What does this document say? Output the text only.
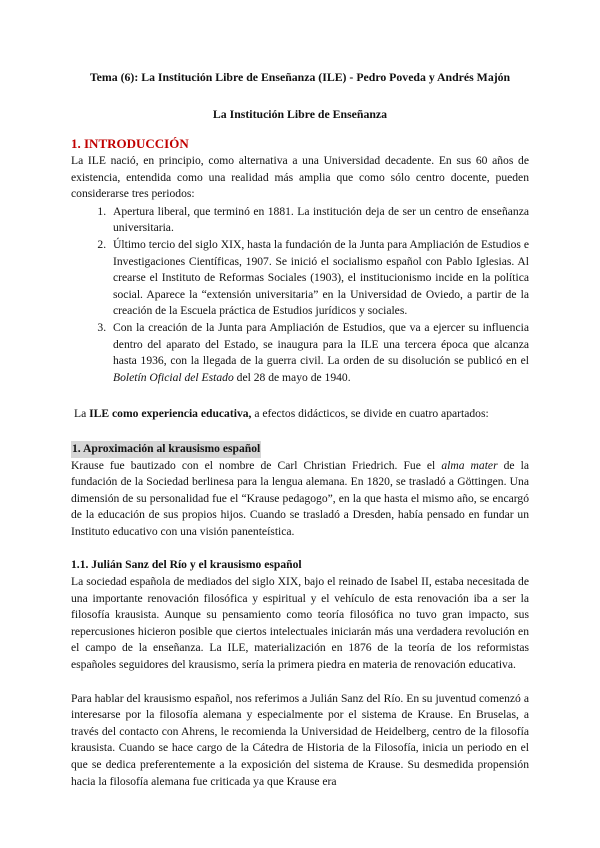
Tema (6): La Institución Libre de Enseñanza (ILE) - Pedro Poveda y Andrés Majón
La Institución Libre de Enseñanza
1. INTRODUCCIÓN

La ILE nació, en principio, como alternativa a una Universidad decadente. En sus 60 años de existencia, entendida como una realidad más amplia que como sólo centro docente, pueden considerarse tres periodos:

1. Apertura liberal, que terminó en 1881. La institución deja de ser un centro de enseñanza universitaria.
2. Último tercio del siglo XIX, hasta la fundación de la Junta para Ampliación de Estudios e Investigaciones Científicas, 1907. Se inició el socialismo español con Pablo Iglesias. Al crearse el Instituto de Reformas Sociales (1903), el institucionismo incide en la política social. Aparece la “extensión universitaria” en la Universidad de Oviedo, a partir de la creación de la Escuela práctica de Estudios jurídicos y sociales.
3. Con la creación de la Junta para Ampliación de Estudios, que va a ejercer su influencia dentro del aparato del Estado, se inaugura para la ILE una tercera época que alcanza hasta 1936, con la llegada de la guerra civil. La orden de su disolución se publicó en el Boletín Oficial del Estado del 28 de mayo de 1940.

La ILE como experiencia educativa, a efectos didácticos, se divide en cuatro apartados:

1. Aproximación al krausismo español

Krause fue bautizado con el nombre de Carl Christian Friedrich. Fue el alma mater de la fundación de la Sociedad berlinesa para la lengua alemana. En 1820, se trasladó a Göttingen. Una dimensión de su personalidad fue el “Krause pedagogo”, en la que hasta el mismo año, se encargó de la educación de sus propios hijos. Cuando se trasladó a Dresden, había pensado en fundar un Instituto educativo con una visión panenteística.

1.1. Julián Sanz del Río y el krausismo español

La sociedad española de mediados del siglo XIX, bajo el reinado de Isabel II, estaba necesitada de una importante renovación filosófica y espiritual y el vehículo de esta renovación iba a ser la filosofía krausista. Aunque su pensamiento como teoría filosófica no tuvo gran impacto, sus repercusiones hicieron posible que ciertos intelectuales iniciarán más una verdadera revolución en el campo de la enseñanza. La ILE, materialización en 1876 de la teoría de los reformistas españoles seguidores del krausismo, sería la primera piedra en materia de renovación educativa.

Para hablar del krausismo español, nos referimos a Julián Sanz del Río. En su juventud comenzó a interesarse por la filosofía alemana y especialmente por el sistema de Krause. En Bruselas, a través del contacto con Ahrens, le recomienda la Universidad de Heidelberg, centro de la filosofía krausista. Cuando se hace cargo de la Cátedra de Historia de la Filosofía, inicia un periodo en el que se dedica preferentemente a la exposición del sistema de Krause. Su desmedida propensión hacia la filosofía alemana fue criticada ya que Krause era
